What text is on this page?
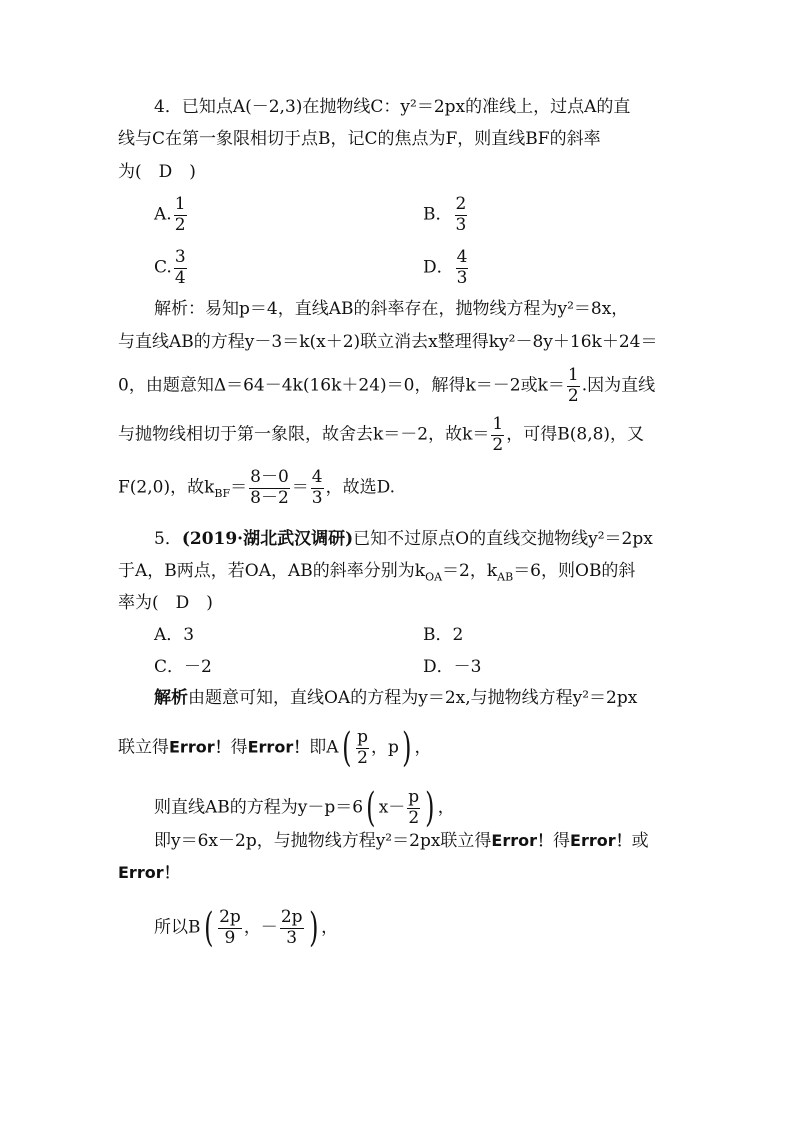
4．已知点A(－2,3)在抛物线C：y²＝2px的准线上，过点A的直
线与C在第一象限相切于点B，记C的焦点为F，则直线BF的斜率
为(　D　)
A. $\frac{1}{2}$	B． $\frac{2}{3}$
C. $\frac{3}{4}$	D． $\frac{4}{3}$
解析：易知p＝4，直线AB的斜率存在，抛物线方程为y²＝8x，
与直线AB的方程y－3＝k(x＋2)联立消去x整理得ky²－8y＋16k＋24＝
0，由题意知Δ＝64－4k(16k＋24)＝0，解得k＝－2或$k= \frac{1}{2}$ .因为直线
与抛物线相切于第一象限，故舍去k＝－2，故$k= \frac{1}{2}$ ，可得B(8,8)，又
F(2,0)，故$k_{BF}= \frac{8-0}{8-2} = \frac{4}{3}$ ，故选D.
5．(2019·湖北武汉调研)已知不过原点O的直线交抛物线y²＝2px
于A，B两点，若OA，AB的斜率分别为$k_{OA}=2$，$k_{AB}=6$，则OB的斜
率为(　D　)
A．3	B．2
C．－2	D．－3
解析由题意可知，直线OA的方程为y＝2x,与抛物线方程y²＝2px
联立得Error！得Error！即$A( \frac{p}{2}$ ，p) ，
则直线AB的方程为y－p＝6( $x- \frac{p}{2}$ ) ，
即y＝6x－2p，与抛物线方程y²＝2px联立得Error！得Error！或
Error！
所以$B( \frac{2p}{9}$ ，－ $\frac{2p}{3}$ ) ，
